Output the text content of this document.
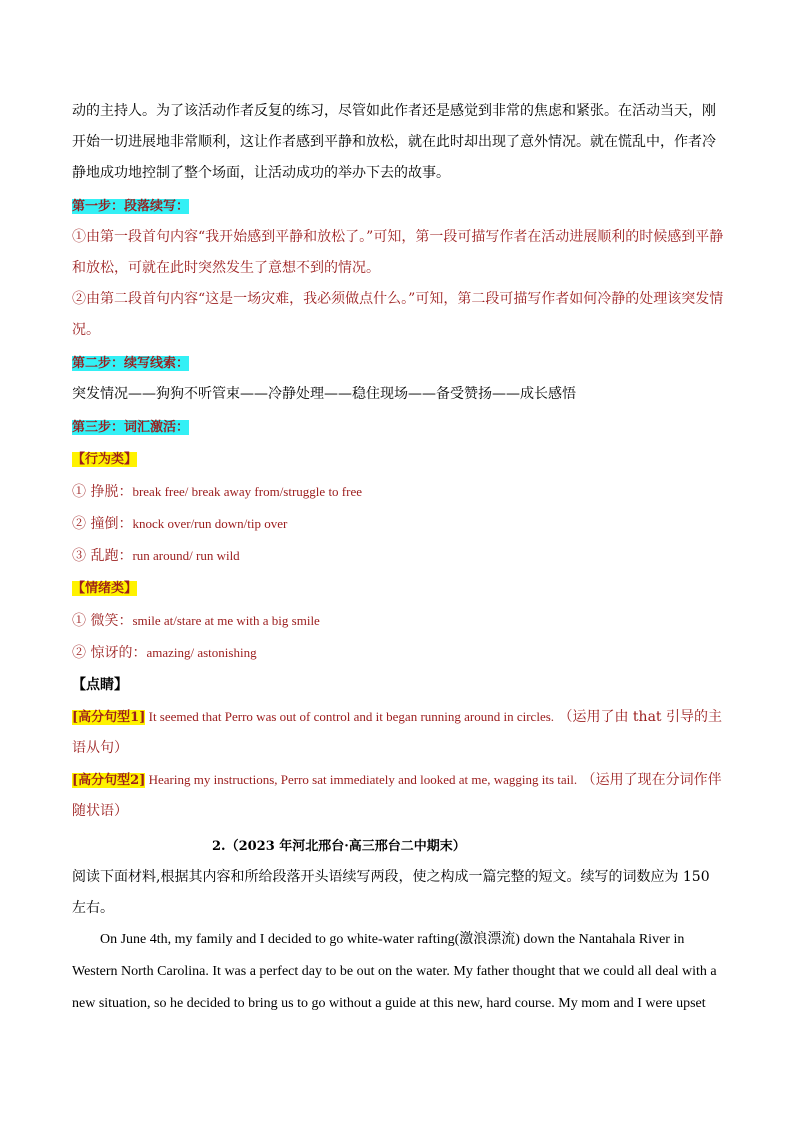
动的主持人。为了该活动作者反复的练习，尽管如此作者还是感觉到非常的焦虑和紧张。在活动当天，刚开始一切进展地非常顺利，这让作者感到平静和放松，就在此时却出现了意外情况。就在慌乱中，作者冷静地成功地控制了整个场面，让活动成功的举办下去的故事。

第一步：段落续写：

①由第一段首句内容“我开始感到平静和放松了。”可知，第一段可描写作者在活动进展顺利的时候感到平静和放松，可就在此时突然发生了意想不到的情况。

②由第二段首句内容“这是一场灾难，我必须做点什么。”可知，第二段可描写作者如何冷静的处理该突发情况。

第二步：续写线索：

突发情况——狗狗不听管束——冷静处理——稳住现场——备受赞扬——成长感悟

第三步：词汇激活：

【行为类】

① 挣脱：break free/ break away from/struggle to free

② 撞倒：knock over/run down/tip over

③ 乱跑：run around/ run wild

【情绪类】

① 微笑：smile at/stare at me with a big smile

② 惊讶的：amazing/ astonishing

【点睛】

[高分句型1] It seemed that Perro was out of control and it began running around in circles. （运用了由 that 引导的主语从句）

[高分句型2] Hearing my instructions, Perro sat immediately and looked at me, wagging its tail. （运用了现在分词作伴随状语）

2.（2023 年河北邢台·高三邢台二中期末）

阅读下面材料,根据其内容和所给段落开头语续写两段，使之构成一篇完整的短文。续写的词数应为 150 左右。

On June 4th, my family and I decided to go white-water rafting(激浪漂流) down the Nantahala River in Western North Carolina. It was a perfect day to be out on the water. My father thought that we could all deal with a new situation, so he decided to bring us to go without a guide at this new, hard course. My mom and I were upset
